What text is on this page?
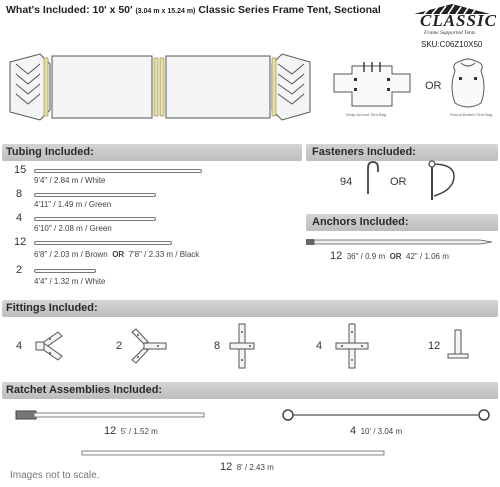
What's Included: 10' x 50' (3.04 m x 15.24 m) Classic Series Frame Tent, Sectional
CLASSIC
Frame Supported Tents
SKU:C06Z10X50
Wrap Around Tent Bag
OR
Round Bottom Tent Bag
Tubing Included:
15
9'4" / 2.84 m / White
8
4'11" / 1.49 m / Green
4
6'10" / 2.08 m / Green
12
6'8" / 2.03 m / Brown OR 7'8" / 2.33 m / Black
2
4'4" / 1.32 m / White
Fasteners Included:
94	OR
Anchors Included:
12 36" / 0.9 m OR 42" / 1.06 m
Fittings Included:
4	2	8	4	12
Ratchet Assemblies Included:
12 5' / 1.52 m	4 10' / 3.04 m
12 8' / 2.43 m
Images not to scale.
